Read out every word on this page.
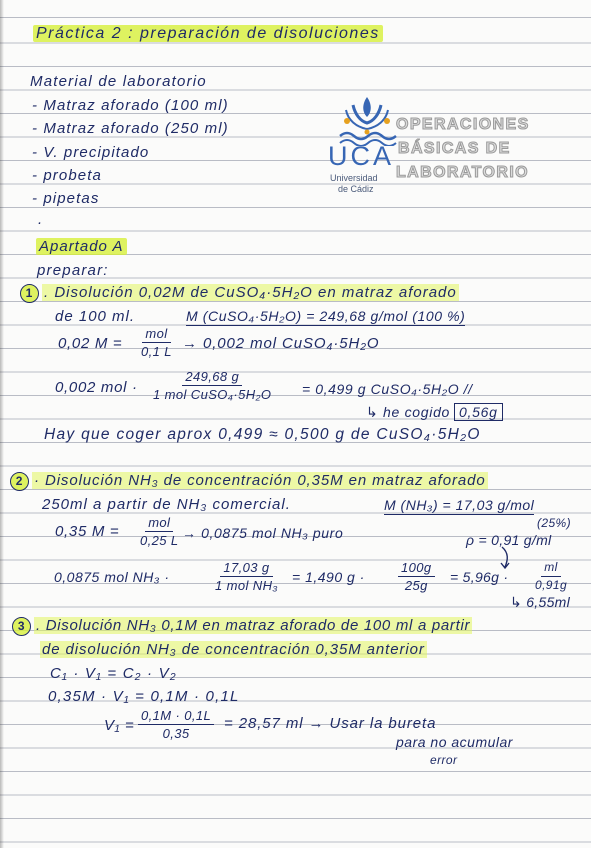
Práctica 2 : preparación de disoluciones
Material de laboratorio
- Matraz aforado (100 ml)
- Matraz aforado (250 ml)
- V. precipitado
- probeta
- pipetas
.
UCA
Universidad
de Cádiz
OPERACIONES
BÁSICAS DE
LABORATORIO
Apartado A
preparar:
1 . Disolución 0,02M de CuSO₄·5H₂O en matraz aforado
de 100 ml.	M (CuSO₄·5H₂O) = 249,68 g/mol (100 %)
0,02 M =
mol
0,1 L → 0,002 mol CuSO₄·5H₂O
0,002 mol ·
249,68 g
1 mol CuSO₄·5H₂O = 0,499 g CuSO₄·5H₂O //
↳ he cogido 0,56g
Hay que coger aprox 0,499 ≈ 0,500 g de CuSO₄·5H₂O
2 · Disolución NH₃ de concentración 0,35M en matraz aforado
250ml a partir de NH₃ comercial.	M (NH₃) = 17,03 g/mol
(25%)
0,35 M =
mol
0,25 L → 0,0875 mol NH₃ puro	ρ = 0,91 g/ml
0,0875 mol NH₃ ·
17,03 g
1 mol NH₃
= 1,490 g ·	$\frac{100g}{25g} = 5,96g \cdot \frac{ml}{0,91g}$
↳ 6,55ml
3 . Disolución NH₃ 0,1M en matraz aforado de 100 ml a partir
de disolución NH₃ de concentración 0,35M anterior
C₁ · V₁ = C₂ · V₂
0,35M · V₁ = 0,1M · 0,1L
$V_1 = \frac{0,1M \cdot 0,1L}{0,35} = 28,57$ ml → Usar la bureta
para no acumular
error
